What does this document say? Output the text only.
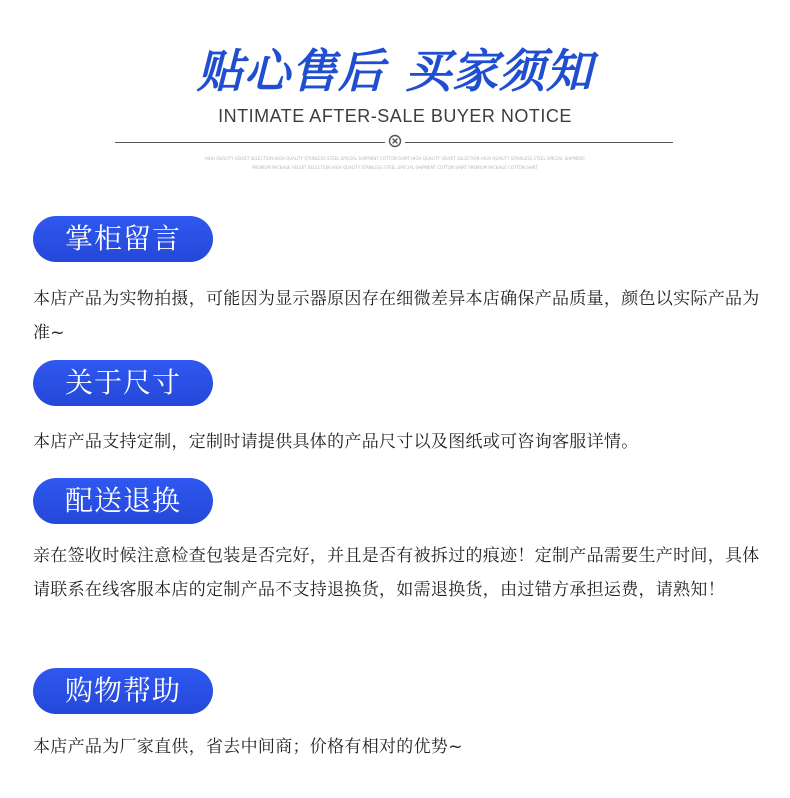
贴心售后 买家须知
INTIMATE AFTER-SALE BUYER NOTICE
HIGH QUALITY VELVET SELECTION HIGH QUALITY STAINLESS STEEL SPECIAL SHIPMENT COTTON SHIRT HIGH QUALITY VELVET SELECTION HIGH QUALITY STAINLESS STEEL SPECIAL SHIPMENT
PREMIUM PACKAGE VELVET SELECTION HIGH QUALITY STAINLESS STEEL SPECIAL SHIPMENT COTTON SHIRT PREMIUM PACKAGE COTTON SHIRT
掌柜留言
本店产品为实物拍摄，可能因为显示器原因存在细微差异本店确保产品质量，颜色以实际产品为准~
关于尺寸
本店产品支持定制，定制时请提供具体的产品尺寸以及图纸或可咨询客服详情。
配送退换
亲在签收时候注意检查包装是否完好，并且是否有被拆过的痕迹！定制产品需要生产时间，具体请联系在线客服本店的定制产品不支持退换货，如需退换货，由过错方承担运费，请熟知！
购物帮助
本店产品为厂家直供，省去中间商；价格有相对的优势~
